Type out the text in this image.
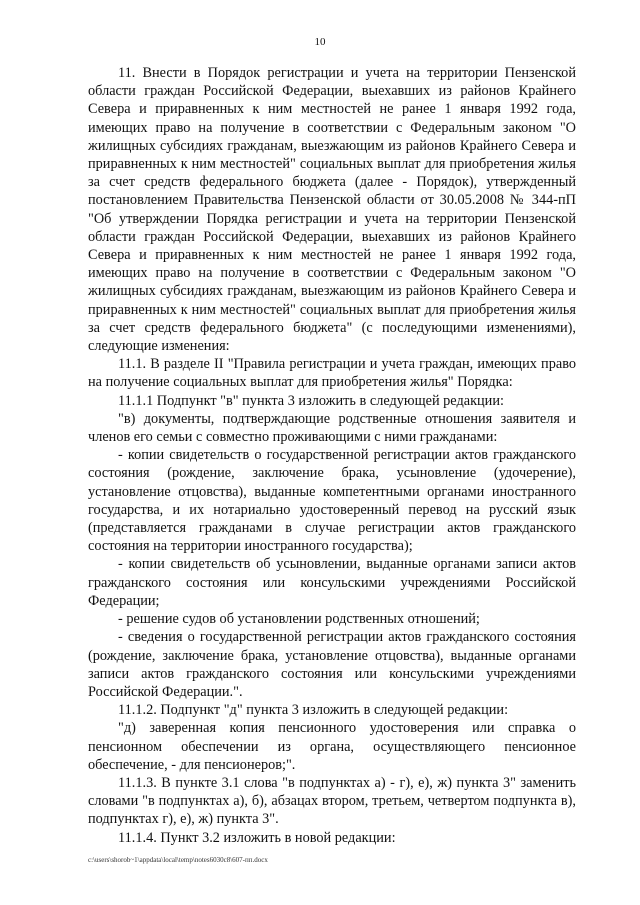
10

11. Внести в Порядок регистрации и учета на территории Пензенской области граждан Российской Федерации, выехавших из районов Крайнего Севера и приравненных к ним местностей не ранее 1 января 1992 года, имеющих право на получение в соответствии с Федеральным законом "О жилищных субсидиях гражданам, выезжающим из районов Крайнего Севера и приравненных к ним местностей" социальных выплат для приобретения жилья за счет средств федерального бюджета (далее - Порядок), утвержденный постановлением Правительства Пензенской области от 30.05.2008 № 344-пП "Об утверждении Порядка регистрации и учета на территории Пензенской области граждан Российской Федерации, выехавших из районов Крайнего Севера и приравненных к ним местностей не ранее 1 января 1992 года, имеющих право на получение в соответствии с Федеральным законом "О жилищных субсидиях гражданам, выезжающим из районов Крайнего Севера и приравненных к ним местностей" социальных выплат для приобретения жилья за счет средств федерального бюджета" (с последующими изменениями), следующие изменения:

11.1. В разделе II "Правила регистрации и учета граждан, имеющих право на получение социальных выплат для приобретения жилья" Порядка:

11.1.1 Подпункт "в" пункта 3 изложить в следующей редакции:

"в) документы, подтверждающие родственные отношения заявителя и членов его семьи с совместно проживающими с ними гражданами:

- копии свидетельств о государственной регистрации актов гражданского состояния (рождение, заключение брака, усыновление (удочерение), установление отцовства), выданные компетентными органами иностранного государства, и их нотариально удостоверенный перевод на русский язык (представляется гражданами в случае регистрации актов гражданского состояния на территории иностранного государства);

- копии свидетельств об усыновлении, выданные органами записи актов гражданского состояния или консульскими учреждениями Российской Федерации;

- решение судов об установлении родственных отношений;

- сведения о государственной регистрации актов гражданского состояния (рождение, заключение брака, установление отцовства), выданные органами записи актов гражданского состояния или консульскими учреждениями Российской Федерации.".

11.1.2. Подпункт "д" пункта 3 изложить в следующей редакции:

"д) заверенная копия пенсионного удостоверения или справка о пенсионном обеспечении из органа, осуществляющего пенсионное обеспечение, - для пенсионеров;".

11.1.3. В пункте 3.1 слова "в подпунктах а) - г), е), ж) пункта 3" заменить словами "в подпунктах а), б), абзацах втором, третьем, четвертом подпункта в), подпунктах г), е), ж) пункта 3".

11.1.4. Пункт 3.2 изложить в новой редакции:

c:\users\shorob~1\appdata\local\temp\notes6030c8\607-пп.docx
